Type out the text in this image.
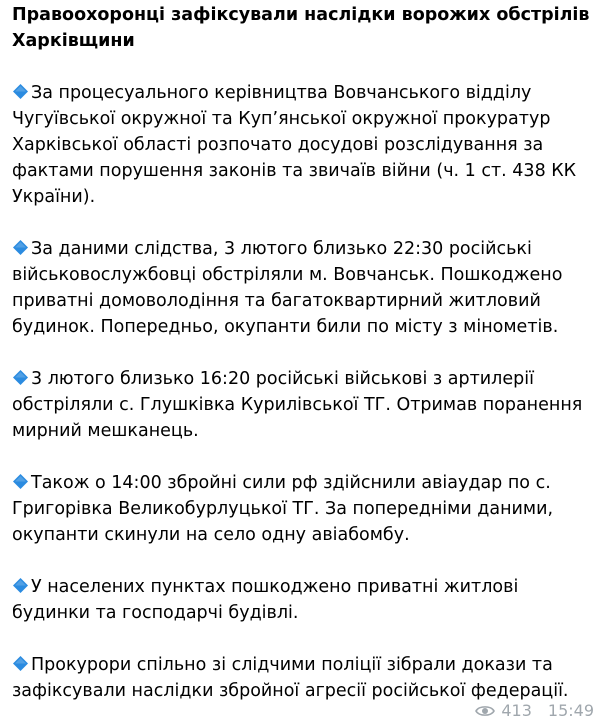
Правоохоронці зафіксували наслідки ворожих обстрілів Харківщини

За процесуального керівництва Вовчанського відділу Чугуївської окружної та Куп’янської окружної прокуратур Харківської області розпочато досудові розслідування за фактами порушення законів та звичаїв війни (ч. 1 ст. 438 КК України).

За даними слідства, 3 лютого близько 22:30 російські військовослужбовці обстріляли м. Вовчанськ. Пошкоджено приватні домоволодіння та багатоквартирний житловий будинок. Попередньо, окупанти били по місту з мінометів.

3 лютого близько 16:20 російські військові з артилерії обстріляли с. Глушківка Курилівської ТГ. Отримав поранення мирний мешканець.

Також о 14:00 збройні сили рф здійснили авіаудар по с. Григорівка Великобурлуцької ТГ. За попередніми даними, окупанти скинули на село одну авіабомбу.

У населених пунктах пошкоджено приватні житлові будинки та господарчі будівлі.

Прокурори спільно зі слідчими поліції зібрали докази та зафіксували наслідки збройної агресії російської федерації.

413 15:49
